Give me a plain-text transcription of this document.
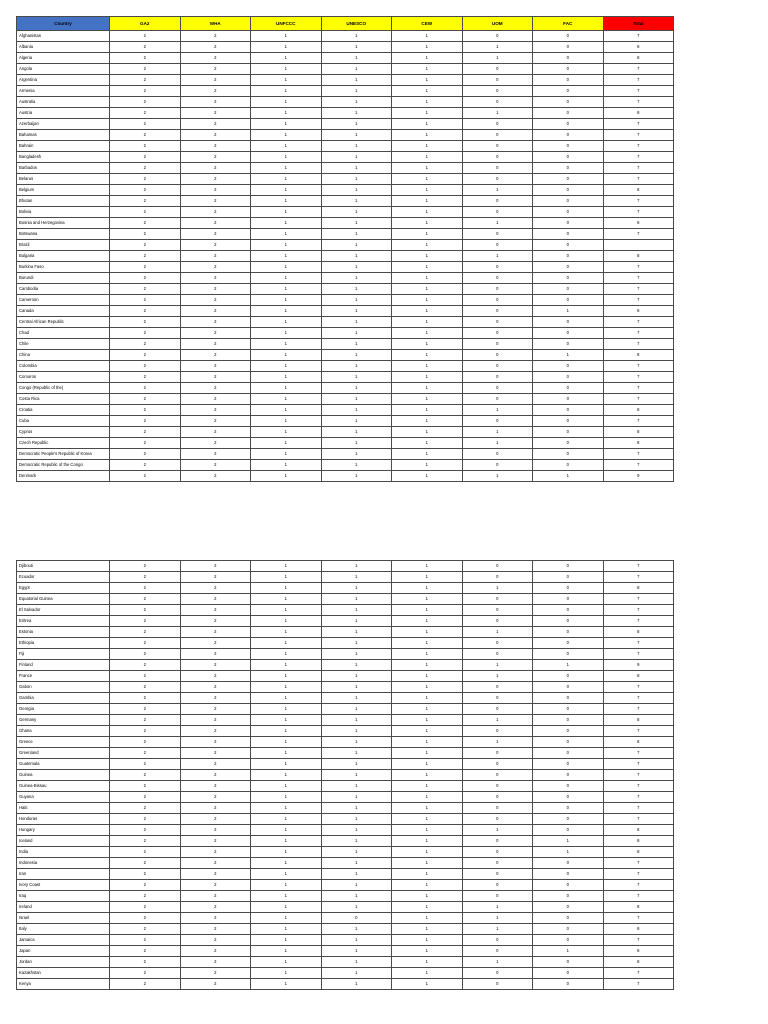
Country	GA2	WHA	UNFCCC	UNESCO	CEW	UOM	FAC	Total
Afghanistan	2	2	1	1	1	0	0	7
Albania	2	2	1	1	1	1	0	8
Algeria	2	2	1	1	1	1	0	8
Angola	2	2	1	1	1	0	0	7
Argentina	2	2	1	1	1	0	0	7
Armenia	2	2	1	1	1	0	0	7
Australia	2	2	1	1	1	0	0	7
Austria	2	2	1	1	1	1	0	8
Azerbaijan	2	2	1	1	1	0	0	7
Bahamas	2	2	1	1	1	0	0	7
Bahrain	2	2	1	1	1	0	0	7
Bangladesh	2	2	1	1	1	0	0	7
Barbados	2	2	1	1	1	0	0	7
Belarus	2	2	1	1	1	0	0	7
Belgium	2	2	1	1	1	1	0	8
Bhutan	2	2	1	1	1	0	0	7
Bolivia	2	2	1	1	1	0	0	7
Bosnia and Herzegovina	2	2	1	1	1	1	0	8
Botswana	2	2	1	1	1	0	0	7
Brazil	2	2	1	1	1	0	0	
Bulgaria	2	2	1	1	1	1	0	8
Burkina Faso	2	2	1	1	1	0	0	7
Burundi	2	2	1	1	1	0	0	7
Cambodia	2	2	1	1	1	0	0	7
Cameroon	2	2	1	1	1	0	0	7
Canada	2	2	1	1	1	0	1	8
Central African Republic	2	2	1	1	1	0	0	7
Chad	2	2	1	1	1	0	0	7
Chile	2	2	1	1	1	0	0	7
China	2	2	1	1	1	0	1	8
Colombia	2	2	1	1	1	0	0	7
Comoros	2	2	1	1	1	0	0	7
Congo (Republic of the)	2	2	1	1	1	0	0	7
Costa Rica	2	2	1	1	1	0	0	7
Croatia	2	2	1	1	1	1	0	8
Cuba	2	2	1	1	1	0	0	7
Cyprus	2	2	1	1	1	1	0	8
Czech Republic	2	2	1	1	1	1	0	8
Democratic People's Republic of Korea	2	2	1	1	1	0	0	7
Democratic Republic of the Congo	2	2	1	1	1	0	0	7
Denmark	2	2	1	1	1	1	1	9
Djibouti	2	2	1	1	1	0	0	7
Ecuador	2	2	1	1	1	0	0	7
Egypt	2	2	1	1	1	1	0	8
Equatorial Guinea	2	2	1	1	1	0	0	7
El Salvador	2	2	1	1	1	0	0	7
Eritrea	2	2	1	1	1	0	0	7
Estonia	2	2	1	1	1	1	0	8
Ethiopia	2	2	1	1	1	0	0	7
Fiji	2	2	1	1	1	0	0	7
Finland	2	2	1	1	1	1	1	9
France	2	2	1	1	1	1	0	8
Gabon	2	2	1	1	1	0	0	7
Gambia	2	2	1	1	1	0	0	7
Georgia	2	2	1	1	1	0	0	7
Germany	2	2	1	1	1	1	0	8
Ghana	2	2	1	1	1	0	0	7
Greece	2	2	1	1	1	1	0	8
Greenland	2	2	1	1	1	0	0	7
Guatemala	2	2	1	1	1	0	0	7
Guinea	2	2	1	1	1	0	0	7
Guinea-Bissau	2	2	1	1	1	0	0	7
Guyana	2	2	1	1	1	0	0	7
Haiti	2	2	1	1	1	0	0	7
Honduras	2	2	1	1	1	0	0	7
Hungary	2	2	1	1	1	1	0	8
Iceland	2	2	1	1	1	0	1	8
India	2	2	1	1	1	0	1	8
Indonesia	2	2	1	1	1	0	0	7
Iran	2	2	1	1	1	0	0	7
Ivory Coast	2	2	1	1	1	0	0	7
Iraq	2	2	1	1	1	0	0	7
Ireland	2	2	1	1	1	1	0	8
Israel	2	2	1	0	1	1	0	7
Italy	2	2	1	1	1	1	0	8
Jamaica	2	2	1	1	1	0	0	7
Japan	2	2	1	1	1	0	1	8
Jordan	2	2	1	1	1	1	0	8
Kazakhstan	2	2	1	1	1	0	0	7
Kenya	2	2	1	1	1	0	0	7
